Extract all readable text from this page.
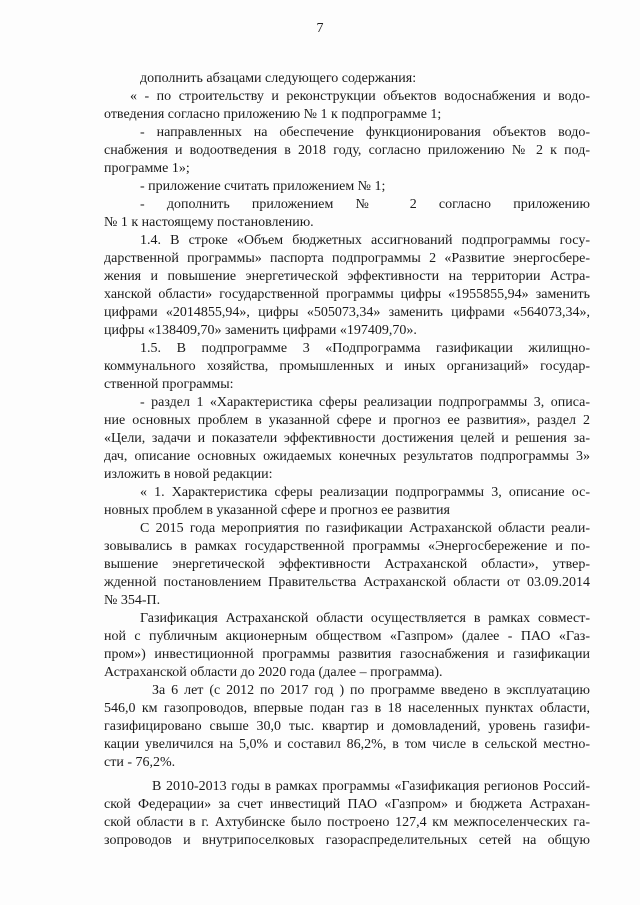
7

дополнить абзацами следующего содержания:

« - по строительству и реконструкции объектов водоснабжения и водо-

отведения согласно приложению № 1 к подпрограмме 1;

- направленных на обеспечение функционирования объектов водо-

снабжения и водоотведения в 2018 году, согласно приложению № 2 к под-

программе 1»;

- приложение считать приложением № 1;

- дополнить приложением № 2 согласно приложению

№ 1 к настоящему постановлению.

1.4. В строке «Объем бюджетных ассигнований подпрограммы госу-

дарственной программы» паспорта подпрограммы 2 «Развитие энергосбере-

жения и повышение энергетической эффективности на территории Астра-

ханской области» государственной программы цифры «1955855,94» заменить

цифрами «2014855,94», цифры «505073,34» заменить цифрами «564073,34»,

цифры «138409,70» заменить цифрами «197409,70».

1.5. В подпрограмме 3 «Подпрограмма газификации жилищно-

коммунального хозяйства, промышленных и иных организаций» государ-

ственной программы:

- раздел 1 «Характеристика сферы реализации подпрограммы 3, описа-

ние основных проблем в указанной сфере и прогноз ее развития», раздел 2

«Цели, задачи и показатели эффективности достижения целей и решения за-

дач, описание основных ожидаемых конечных результатов подпрограммы 3»

изложить в новой редакции:

« 1. Характеристика сферы реализации подпрограммы 3, описание ос-

новных проблем в указанной сфере и прогноз ее развития

С 2015 года мероприятия по газификации Астраханской области реали-

зовывались в рамках государственной программы «Энергосбережение и по-

вышение энергетической эффективности Астраханской области», утвер-

жденной постановлением Правительства Астраханской области от 03.09.2014

№ 354-П.

Газификация Астраханской области осуществляется в рамках совмест-

ной с публичным акционерным обществом «Газпром» (далее - ПАО «Газ-

пром») инвестиционной программы развития газоснабжения и газификации

Астраханской области до 2020 года (далее – программа).

За 6 лет (с 2012 по 2017 год ) по программе введено в эксплуатацию

546,0 км газопроводов, впервые подан газ в 18 населенных пунктах области,

газифицировано свыше 30,0 тыс. квартир и домовладений, уровень газифи-

кации увеличился на 5,0% и составил 86,2%, в том числе в сельской местно-

сти - 76,2%.

В 2010-2013 годы в рамках программы «Газификация регионов Россий-

ской Федерации» за счет инвестиций ПАО «Газпром» и бюджета Астрахан-

ской области в г. Ахтубинске было построено 127,4 км межпоселенческих га-

зопроводов и внутрипоселковых газораспределительных сетей на общую
